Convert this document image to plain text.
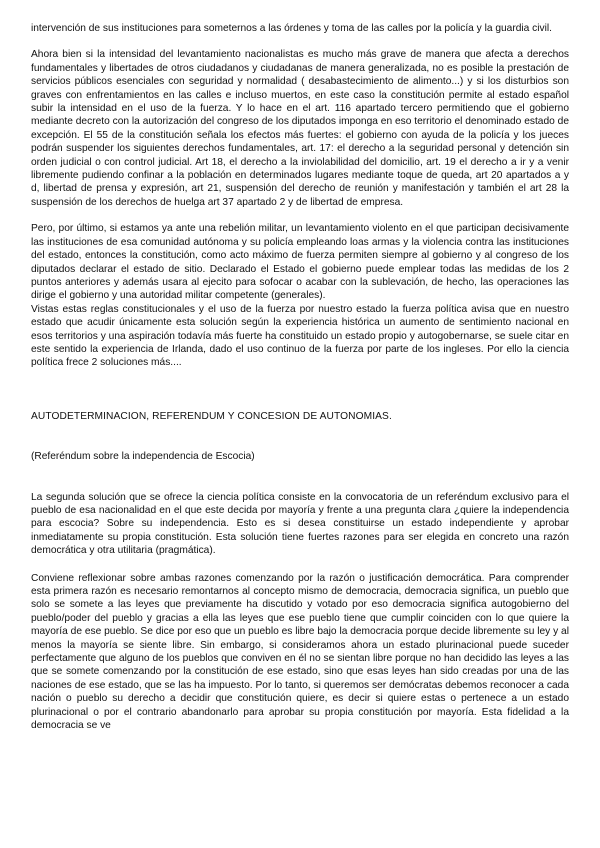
intervención de sus instituciones para someternos a las órdenes y toma de las calles por la policía y la guardia civil.

Ahora bien si la intensidad del levantamiento nacionalistas es mucho más grave de manera que afecta a derechos fundamentales y libertades de otros ciudadanos y ciudadanas de manera generalizada, no es posible la prestación de servicios públicos esenciales con seguridad y normalidad ( desabastecimiento de alimento...) y si los disturbios son graves con enfrentamientos en las calles e incluso muertos, en este caso la constitución permite al estado español subir la intensidad en el uso de la fuerza. Y lo hace en el art. 116 apartado tercero permitiendo que el gobierno mediante decreto con la autorización del congreso de los diputados imponga en eso territorio el denominado estado de excepción. El 55 de la constitución señala los efectos más fuertes: el gobierno con ayuda de la policía y los jueces podrán suspender los siguientes derechos fundamentales, art. 17: el derecho a la seguridad personal y detención sin orden judicial o con control judicial. Art 18, el derecho a la inviolabilidad del domicilio, art. 19 el derecho a ir y a venir libremente pudiendo confinar a la población en determinados lugares mediante toque de queda, art 20 apartados a y d, libertad de prensa y expresión, art 21, suspensión del derecho de reunión y manifestación y también el art 28 la suspensión de los derechos de huelga art 37 apartado 2 y de libertad de empresa.

Pero, por último, si estamos ya ante una rebelión militar, un levantamiento violento en el que participan decisivamente las instituciones de esa comunidad autónoma y su policía empleando loas armas y la violencia contra las instituciones del estado, entonces la constitución, como acto máximo de fuerza permiten siempre al gobierno y al congreso de los diputados declarar el estado de sitio. Declarado el Estado el gobierno puede emplear todas las medidas de los 2 puntos anteriores y además usara al ejecito para sofocar o acabar con la sublevación, de hecho, las operaciones las dirige el gobierno y una autoridad militar competente (generales).

Vistas estas reglas constitucionales y el uso de la fuerza por nuestro estado la fuerza política avisa que en nuestro estado que acudir únicamente esta solución según la experiencia histórica un aumento de sentimiento nacional en esos territorios y una aspiración todavía más fuerte ha constituido un estado propio y autogobernarse, se suele citar en este sentido la experiencia de Irlanda, dado el uso continuo de la fuerza por parte de los ingleses. Por ello la ciencia política frece 2 soluciones más....

AUTODETERMINACION, REFERENDUM Y CONCESION DE AUTONOMIAS.

(Referéndum sobre la independencia de Escocia)

La segunda solución que se ofrece la ciencia política consiste en la convocatoria de un referéndum exclusivo para el pueblo de esa nacionalidad en el que este decida por mayoría y frente a una pregunta clara ¿quiere la independencia para escocia? Sobre su independencia. Esto es si desea constituirse un estado independiente y aprobar inmediatamente su propia constitución. Esta solución tiene fuertes razones para ser elegida en concreto una razón democrática y otra utilitaria (pragmática).

Conviene reflexionar sobre ambas razones comenzando por la razón o justificación democrática. Para comprender esta primera razón es necesario remontarnos al concepto mismo de democracia, democracia significa, un pueblo que solo se somete a las leyes que previamente ha discutido y votado por eso democracia significa autogobierno del pueblo/poder del pueblo y gracias a ella las leyes que ese pueblo tiene que cumplir coinciden con lo que quiere la mayoría de ese pueblo. Se dice por eso que un pueblo es libre bajo la democracia porque decide libremente su ley y al menos la mayoría se siente libre. Sin embargo, si consideramos ahora un estado plurinacional puede suceder perfectamente que alguno de los pueblos que conviven en él no se sientan libre porque no han decidido las leyes a las que se somete comenzando por la constitución de ese estado, sino que esas leyes han sido creadas por una de las naciones de ese estado, que se las ha impuesto. Por lo tanto, si queremos ser demócratas debemos reconocer a cada nación o pueblo su derecho a decidir que constitución quiere, es decir si quiere estas o pertenece a un estado plurinacional o por el contrario abandonarlo para aprobar su propia constitución por mayoría. Esta fidelidad a la democracia se ve
